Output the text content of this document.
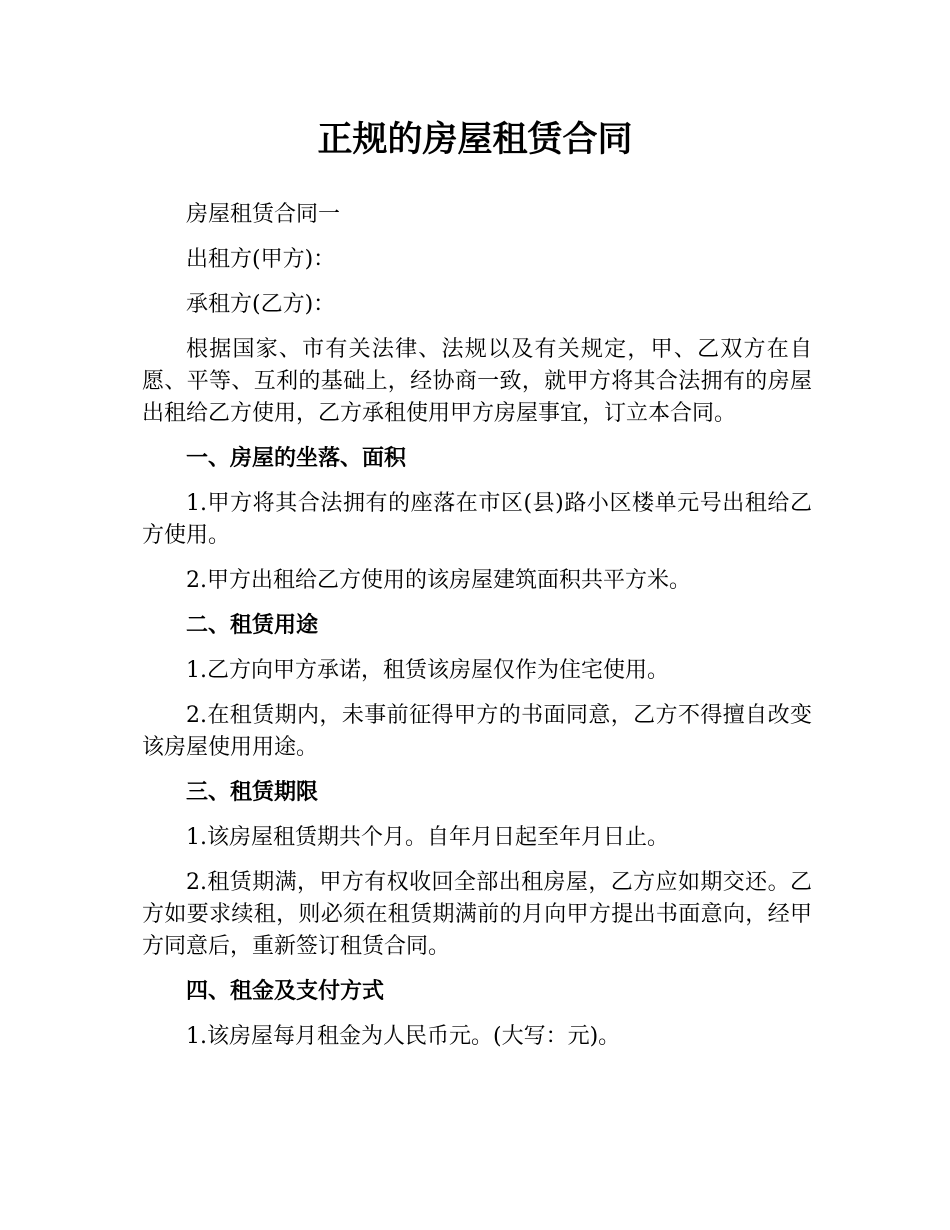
正规的房屋租赁合同

房屋租赁合同一

出租方(甲方)：

承租方(乙方)：

根据国家、市有关法律、法规以及有关规定，甲、乙双方在自愿、平等、互利的基础上，经协商一致，就甲方将其合法拥有的房屋出租给乙方使用，乙方承租使用甲方房屋事宜，订立本合同。

一、房屋的坐落、面积

1.甲方将其合法拥有的座落在市区(县)路小区楼单元号出租给乙方使用。

2.甲方出租给乙方使用的该房屋建筑面积共平方米。

二、租赁用途

1.乙方向甲方承诺，租赁该房屋仅作为住宅使用。

2.在租赁期内，未事前征得甲方的书面同意，乙方不得擅自改变该房屋使用用途。

三、租赁期限

1.该房屋租赁期共个月。自年月日起至年月日止。

2.租赁期满，甲方有权收回全部出租房屋，乙方应如期交还。乙方如要求续租，则必须在租赁期满前的月向甲方提出书面意向，经甲方同意后，重新签订租赁合同。

四、租金及支付方式

1.该房屋每月租金为人民币元。(大写：元)。
